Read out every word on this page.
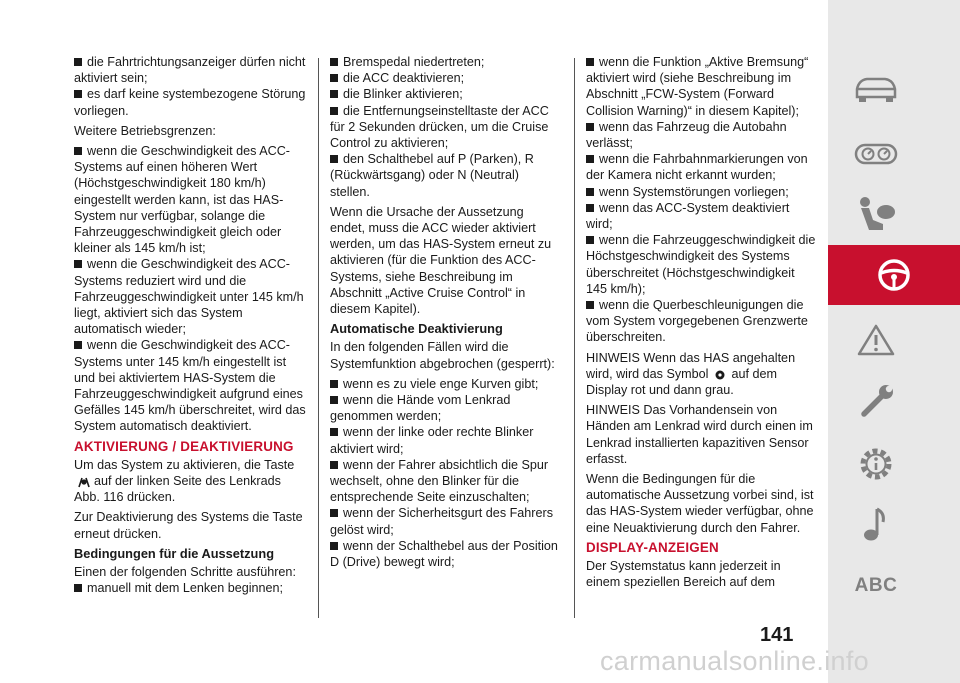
die Fahrtrichtungsanzeiger dürfen nicht aktiviert sein;

es darf keine systembezogene Störung vorliegen.

Weitere Betriebsgrenzen:

wenn die Geschwindigkeit des ACC-Systems auf einen höheren Wert (Höchstgeschwindigkeit 180 km/h) eingestellt werden kann, ist das HAS-System nur verfügbar, solange die Fahrzeuggeschwindigkeit gleich oder kleiner als 145 km/h ist;

wenn die Geschwindigkeit des ACC-Systems reduziert wird und die Fahrzeuggeschwindigkeit unter 145 km/h liegt, aktiviert sich das System automatisch wieder;

wenn die Geschwindigkeit des ACC-Systems unter 145 km/h eingestellt ist und bei aktiviertem HAS-System die Fahrzeuggeschwindigkeit aufgrund eines Gefälles 145 km/h überschreitet, wird das System automatisch deaktiviert.

AKTIVIERUNG / DEAKTIVIERUNG

Um das System zu aktivieren, die Taste
auf der linken Seite des Lenkrads

Abb. 116 drücken.

Zur Deaktivierung des Systems die Taste erneut drücken.

Bedingungen für die Aussetzung

Einen der folgenden Schritte ausführen:

manuell mit dem Lenken beginnen;

Bremspedal niedertreten;

die ACC deaktivieren;

die Blinker aktivieren;

die Entfernungseinstelltaste der ACC für 2 Sekunden drücken, um die Cruise Control zu aktivieren;

den Schalthebel auf P (Parken), R (Rückwärtsgang) oder N (Neutral) stellen.

Wenn die Ursache der Aussetzung endet, muss die ACC wieder aktiviert werden, um das HAS-System erneut zu aktivieren (für die Funktion des ACC-Systems, siehe Beschreibung im Abschnitt „Active Cruise Control“ in diesem Kapitel).

Automatische Deaktivierung

In den folgenden Fällen wird die Systemfunktion abgebrochen (gesperrt):

wenn es zu viele enge Kurven gibt;

wenn die Hände vom Lenkrad genommen werden;

wenn der linke oder rechte Blinker aktiviert wird;

wenn der Fahrer absichtlich die Spur wechselt, ohne den Blinker für die entsprechende Seite einzuschalten;

wenn der Sicherheitsgurt des Fahrers gelöst wird;

wenn der Schalthebel aus der Position D (Drive) bewegt wird;

wenn die Funktion „Aktive Bremsung“ aktiviert wird (siehe Beschreibung im Abschnitt „FCW-System (Forward Collision Warning)“ in diesem Kapitel);

wenn das Fahrzeug die Autobahn verlässt;

wenn die Fahrbahnmarkierungen von der Kamera nicht erkannt wurden;

wenn Systemstörungen vorliegen;

wenn das ACC-System deaktiviert wird;

wenn die Fahrzeuggeschwindigkeit die Höchstgeschwindigkeit des Systems überschreitet (Höchstgeschwindigkeit 145 km/h);

wenn die Querbeschleunigungen die vom System vorgegebenen Grenzwerte überschreiten.

HINWEIS Wenn das HAS angehalten wird, wird das Symbol auf dem Display rot und dann grau.

HINWEIS Das Vorhandensein von Händen am Lenkrad wird durch einen im Lenkrad installierten kapazitiven Sensor erfasst.

Wenn die Bedingungen für die automatische Aussetzung vorbei sind, ist das HAS-System wieder verfügbar, ohne eine Neuaktivierung durch den Fahrer.

DISPLAY-ANZEIGEN

Der Systemstatus kann jederzeit in einem speziellen Bereich auf dem	ABC
141
carmanualsonline.info
